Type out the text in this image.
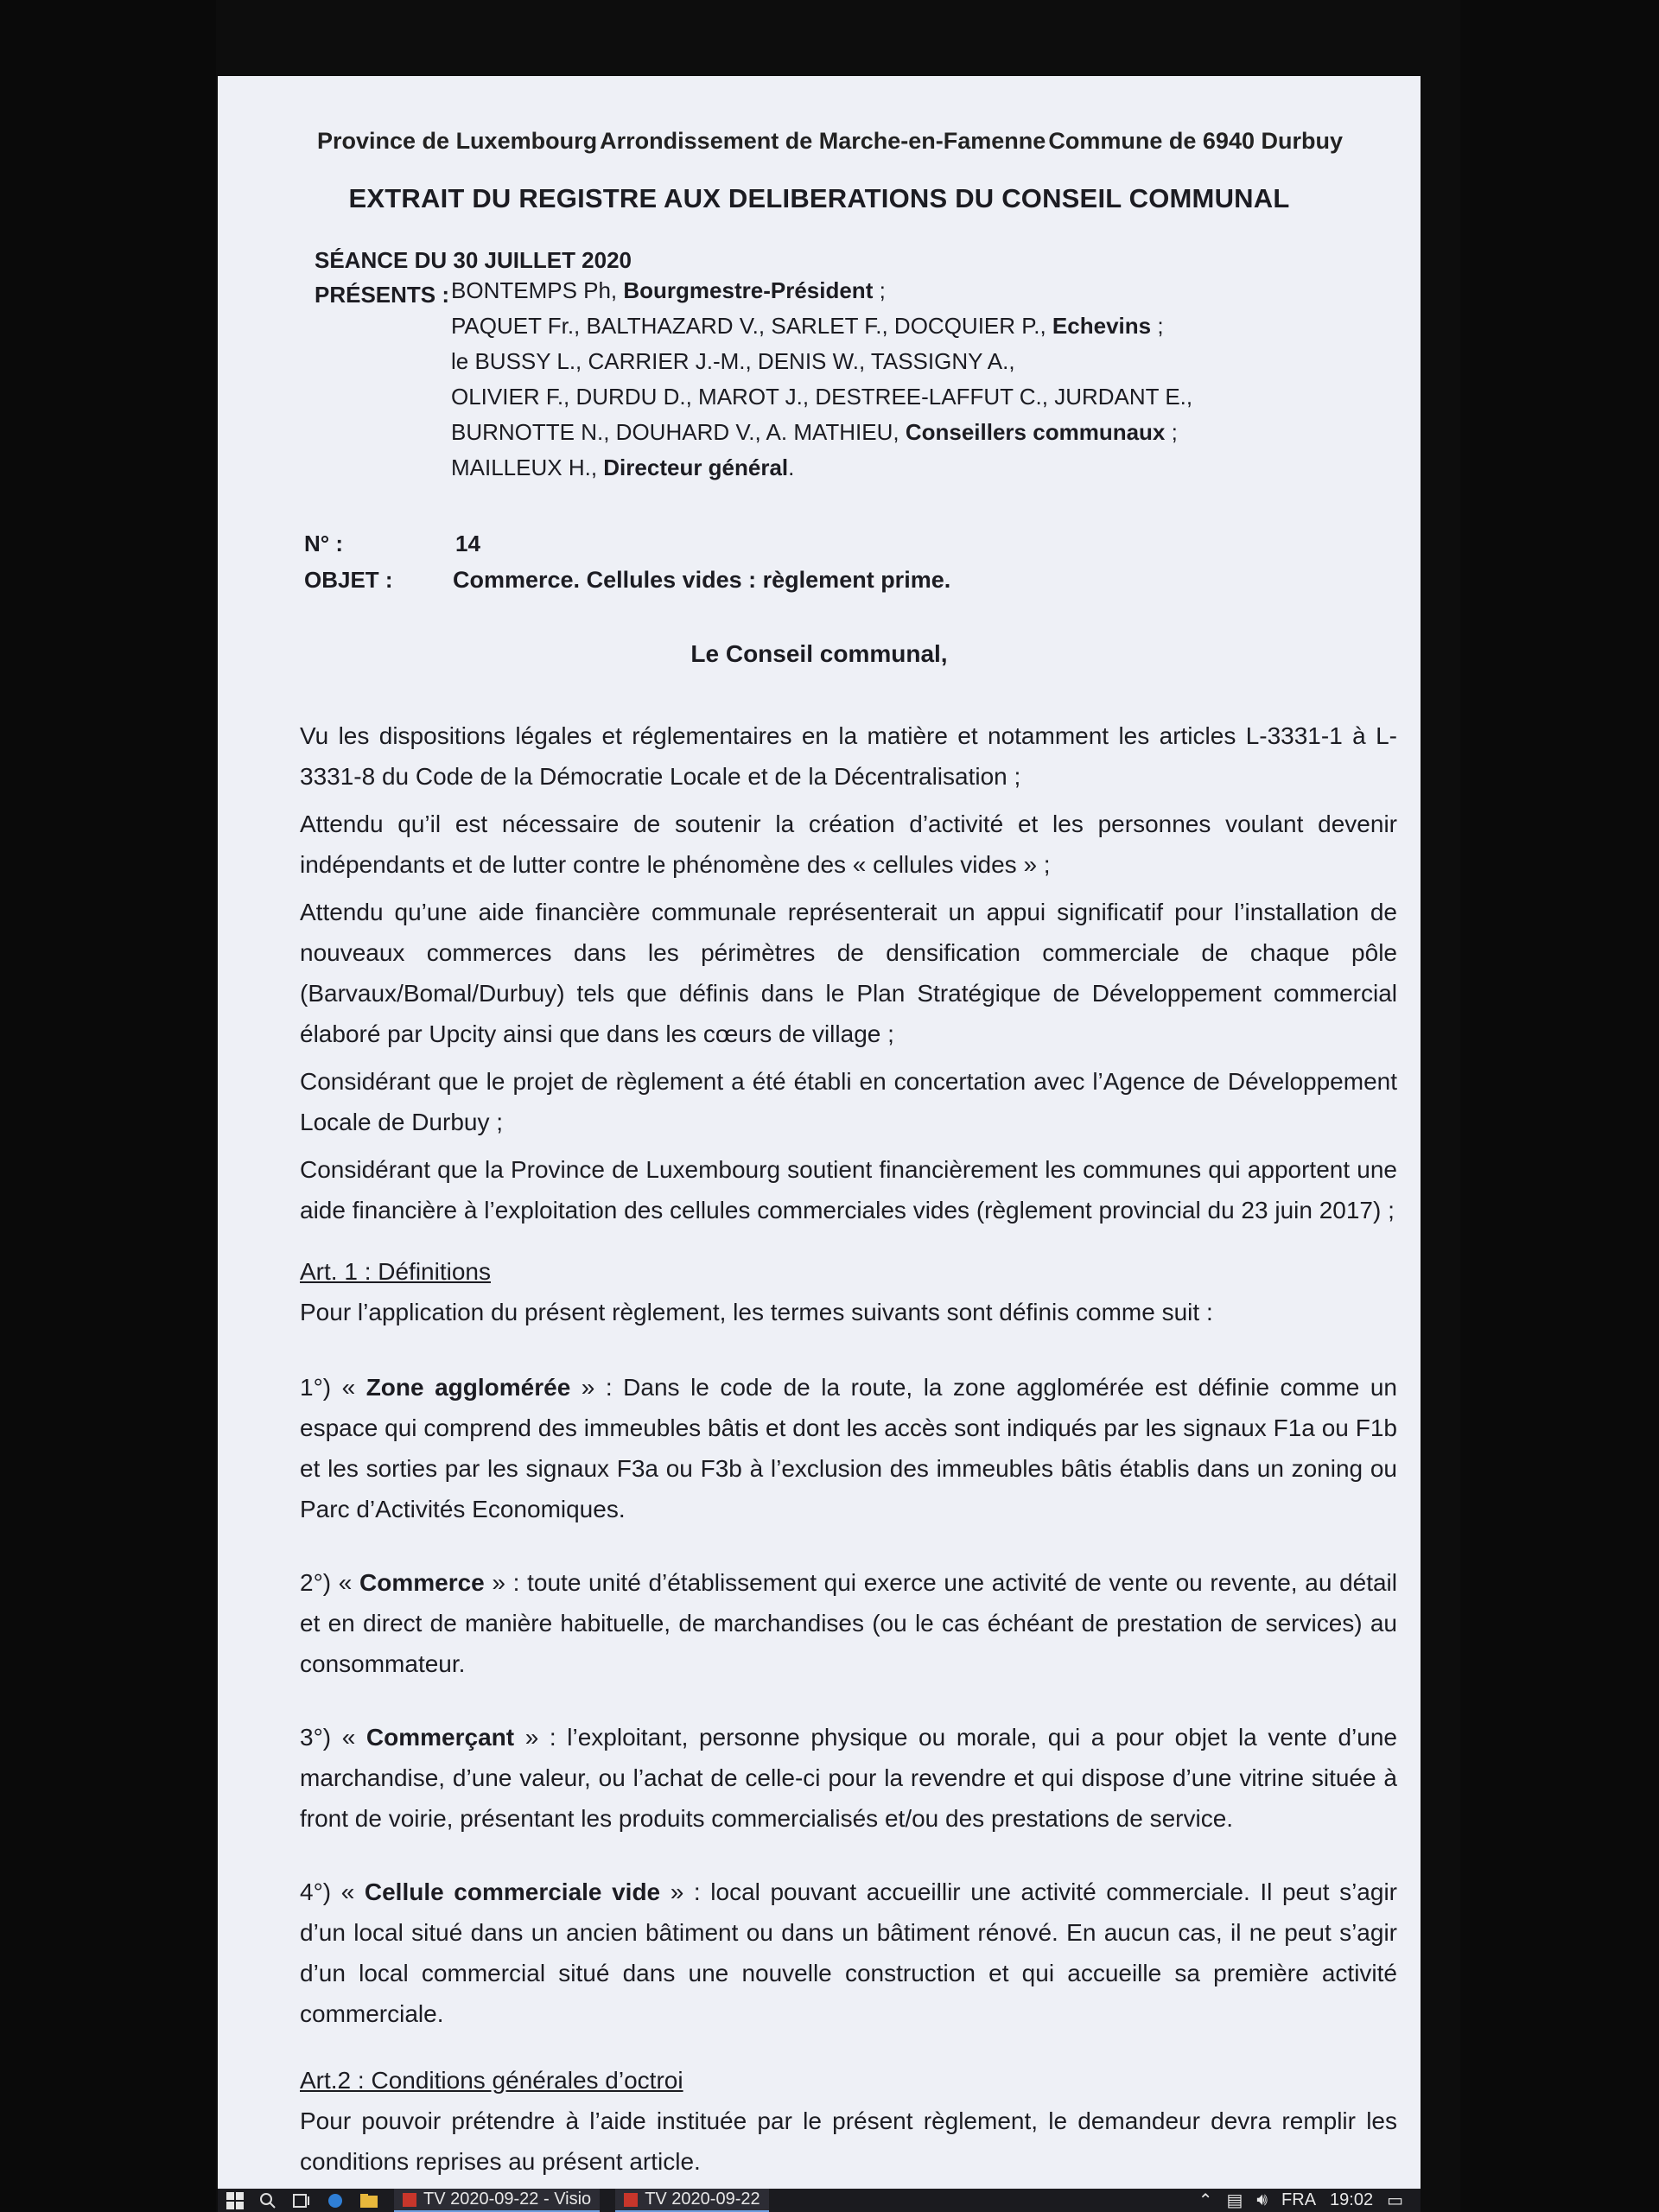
Province de Luxembourg Arrondissement de Marche-en-Famenne Commune de 6940 Durbuy
EXTRAIT DU REGISTRE AUX DELIBERATIONS DU CONSEIL COMMUNAL
SÉANCE DU 30 JUILLET 2020
PRÉSENTS : BONTEMPS Ph, Bourgmestre-Président ;
PAQUET Fr., BALTHAZARD V., SARLET F., DOCQUIER P., Echevins ;
le BUSSY L., CARRIER J.-M., DENIS W., TASSIGNY A.,
OLIVIER F., DURDU D., MAROT J., DESTREE-LAFFUT C., JURDANT E.,
BURNOTTE N., DOUHARD V., A. MATHIEU, Conseillers communaux ;
MAILLEUX H., Directeur général.
N° :	14
OBJET :	Commerce. Cellules vides : règlement prime.
Le Conseil communal,

Vu les dispositions légales et réglementaires en la matière et notamment les articles L-3331-1 à L-3331-8 du Code de la Démocratie Locale et de la Décentralisation ;

Attendu qu’il est nécessaire de soutenir la création d’activité et les personnes voulant devenir indépendants et de lutter contre le phénomène des « cellules vides » ;

Attendu qu’une aide financière communale représenterait un appui significatif pour l’installation de nouveaux commerces dans les périmètres de densification commerciale de chaque pôle (Barvaux/Bomal/Durbuy) tels que définis dans le Plan Stratégique de Développement commercial élaboré par Upcity ainsi que dans les cœurs de village ;

Considérant que le projet de règlement a été établi en concertation avec l’Agence de Développement Locale de Durbuy ;

Considérant que la Province de Luxembourg soutient financièrement les communes qui apportent une aide financière à l’exploitation des cellules commerciales vides (règlement provincial du 23 juin 2017) ;

Art. 1 : Définitions
Pour l’application du présent règlement, les termes suivants sont définis comme suit :

1°) « Zone agglomérée » : Dans le code de la route, la zone agglomérée est définie comme un espace qui comprend des immeubles bâtis et dont les accès sont indiqués par les signaux F1a ou F1b et les sorties par les signaux F3a ou F3b à l’exclusion des immeubles bâtis établis dans un zoning ou Parc d’Activités Economiques.

2°) « Commerce » : toute unité d’établissement qui exerce une activité de vente ou revente, au détail et en direct de manière habituelle, de marchandises (ou le cas échéant de prestation de services) au consommateur.

3°) « Commerçant » : l’exploitant, personne physique ou morale, qui a pour objet la vente d’une marchandise, d’une valeur, ou l’achat de celle-ci pour la revendre et qui dispose d’une vitrine située à front de voirie, présentant les produits commercialisés et/ou des prestations de service.

4°) « Cellule commerciale vide » : local pouvant accueillir une activité commerciale. Il peut s’agir d’un local situé dans un ancien bâtiment ou dans un bâtiment rénové. En aucun cas, il ne peut s’agir d’un local commercial situé dans une nouvelle construction et qui accueille sa première activité commerciale.

Art.2 : Conditions générales d’octroi
Pour pouvoir prétendre à l’aide instituée par le présent règlement, le demandeur devra remplir les conditions reprises au présent article.
TV 2020-09-22 - Visio	TV 2020-09-22	⌃ ▤ 🔊︎ FRA 19:02 ▭
